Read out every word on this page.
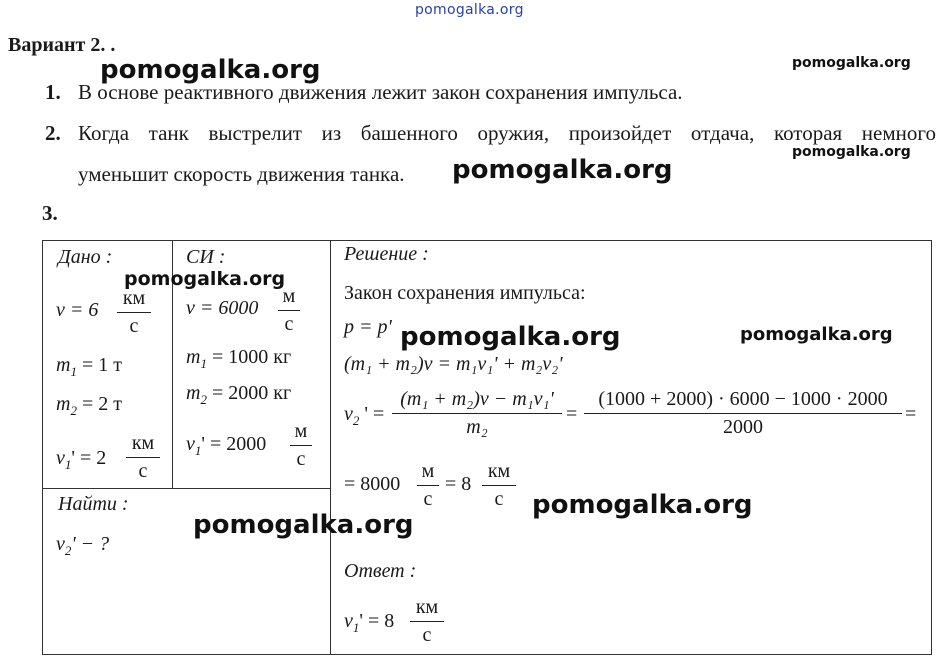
pomogalka.org
Вариант 2. .
pomogalka.org	pomogalka.org
1. В основе реактивного движения лежит закон сохранения импульса.
2. Когда танк выстрелит из башенного оружия, произойдет отдача, которая немного
pomogalka.org
уменьшит скорость движения танка. pomogalka.org
3.
Дано :
pomogalka.org
v = 6
км
с
$m_1 = 1$ т
$m_2 = 2$ т
$v_1' = 2$
км
с
СИ :
v = 6000
м
с
$m_1 = 1000$ кг
$m_2 = 2000$ кг
$v_1' = 2000$
м
с
Найти :
$v_2'$ − ?
pomogalka.org
Решение :
Закон сохранения импульса:
p = p' pomogalka.org	pomogalka.org
(m₁ + m₂)v = m₁v₁' + m₂v₂'
$v_2$ ' =
(m₁ + m₂)v − m₁v₁'
m₂
=
(1000 + 2000) · 6000 − 1000 · 2000
2000
=
= 8000
м
с
= 8
км
с	pomogalka.org
Ответ :
$v_1' = 8$
км
с
